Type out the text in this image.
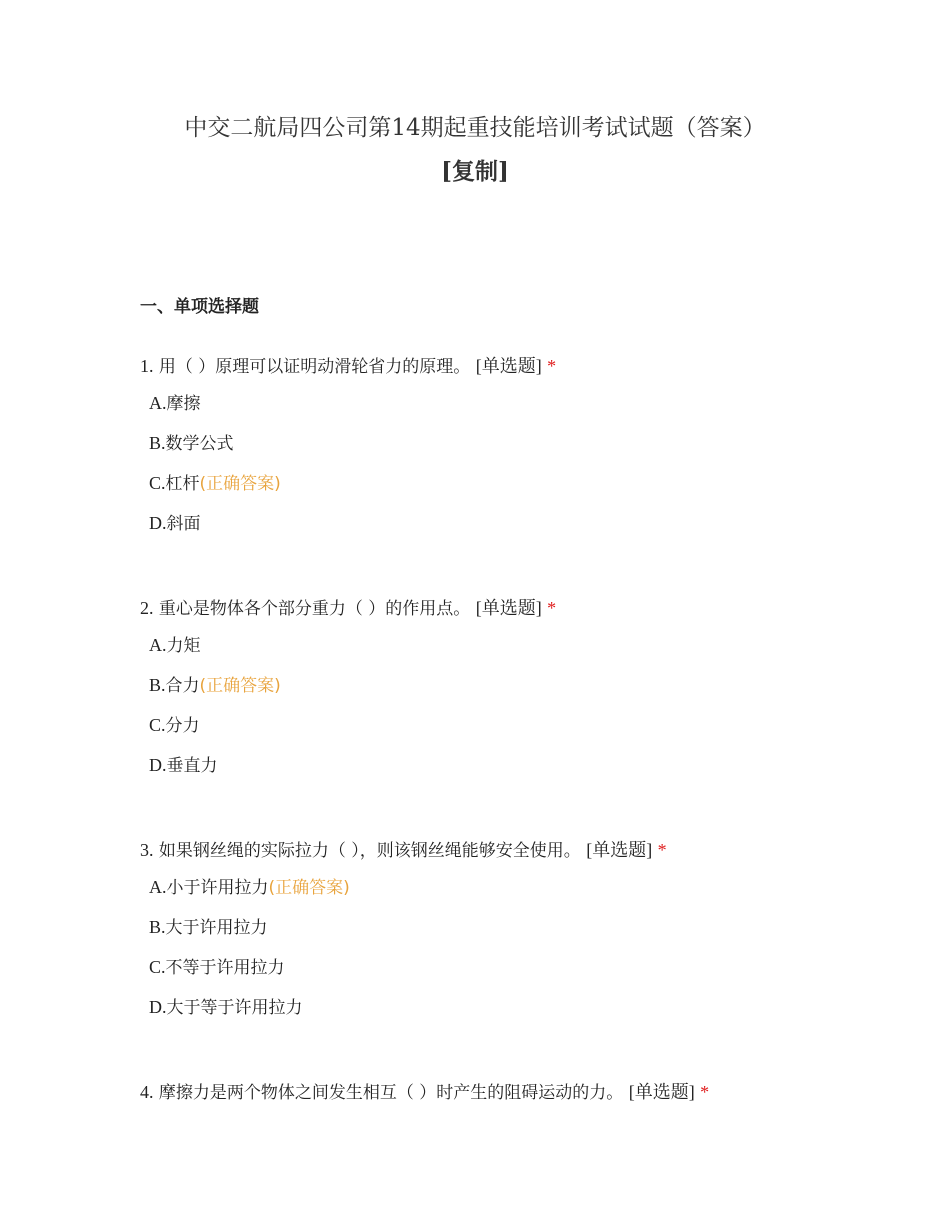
中交二航局四公司第14期起重技能培训考试试题（答案）
[复制]
一、单项选择题
1. 用（ ）原理可以证明动滑轮省力的原理。 [单选题] *
A.摩擦
B.数学公式
C.杠杆(正确答案)
D.斜面
2. 重心是物体各个部分重力（ ）的作用点。 [单选题] *
A.力矩
B.合力(正确答案)
C.分力
D.垂直力
3. 如果钢丝绳的实际拉力（ ），则该钢丝绳能够安全使用。 [单选题] *
A.小于许用拉力(正确答案)
B.大于许用拉力
C.不等于许用拉力
D.大于等于许用拉力
4. 摩擦力是两个物体之间发生相互（ ）时产生的阻碍运动的力。 [单选题] *
